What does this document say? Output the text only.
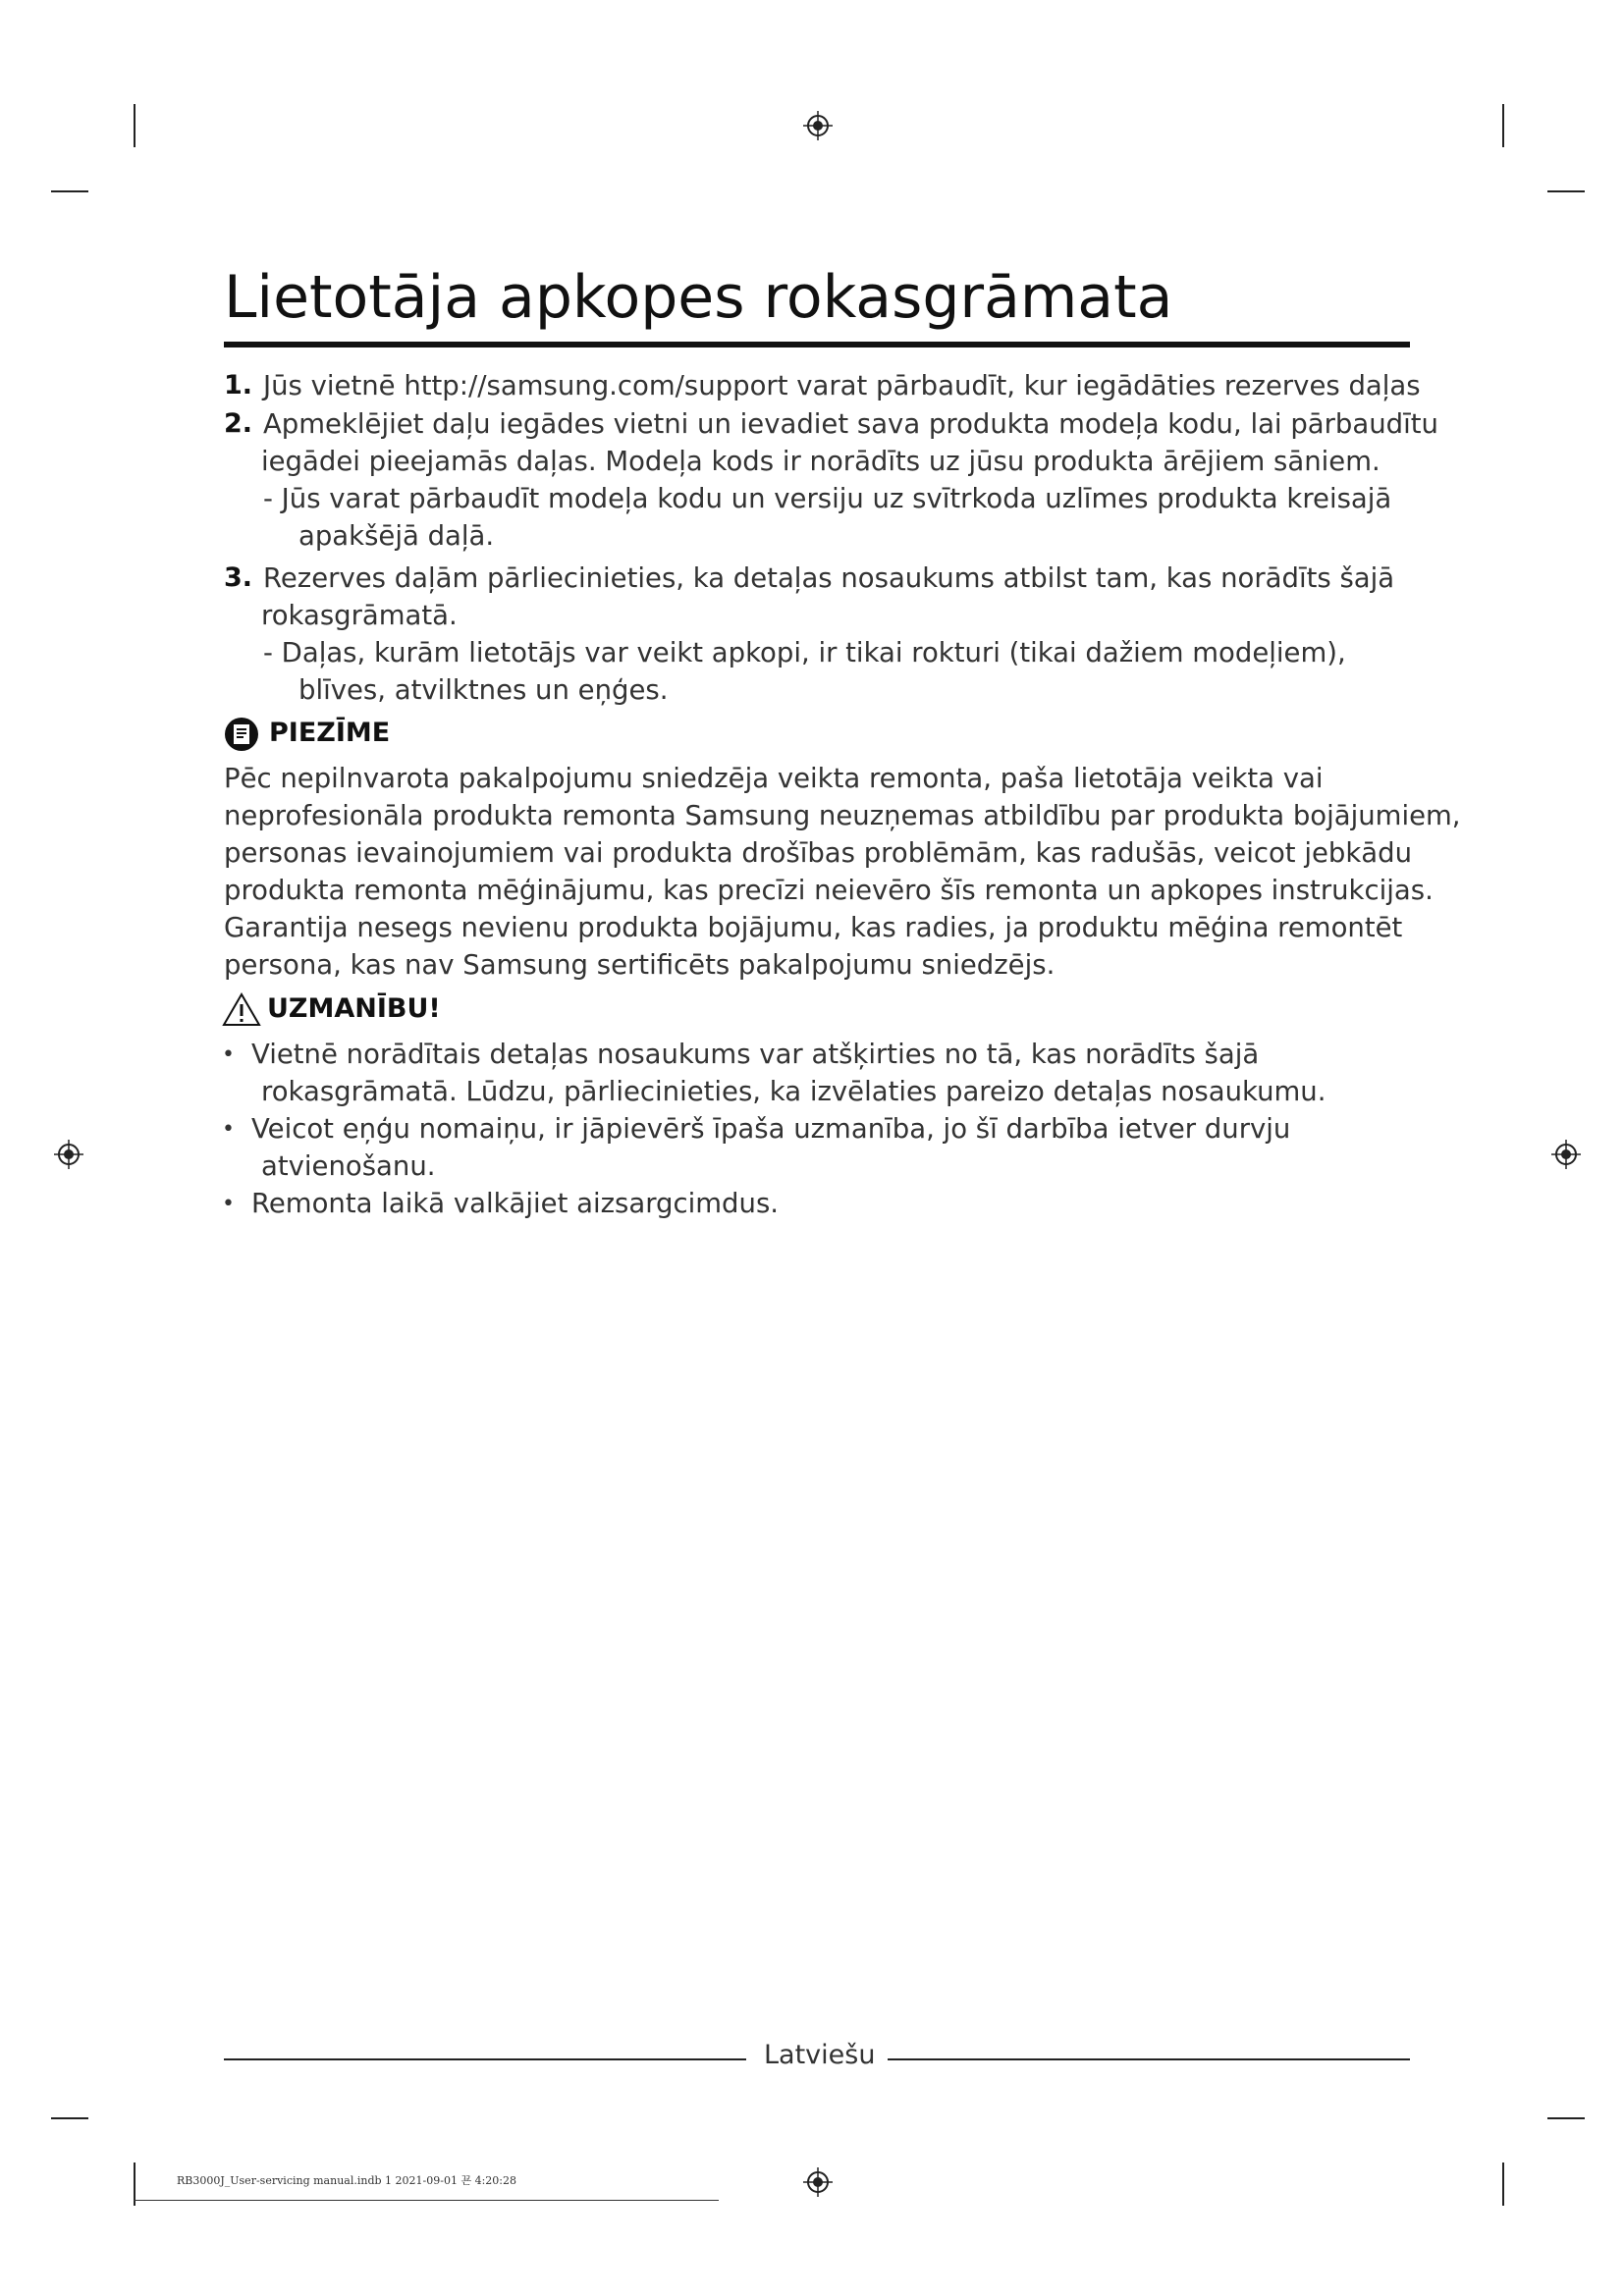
Lietotāja apkopes rokasgrāmata
1. Jūs vietnē http://samsung.com/support varat pārbaudīt, kur iegādāties rezerves daļas
2. Apmeklējiet daļu iegādes vietni un ievadiet sava produkta modeļa kodu, lai pārbaudītu
iegādei pieejamās daļas. Modeļa kods ir norādīts uz jūsu produkta ārējiem sāniem.
- Jūs varat pārbaudīt modeļa kodu un versiju uz svītrkoda uzlīmes produkta kreisajā
apakšējā daļā.
3. Rezerves daļām pārliecinieties, ka detaļas nosaukums atbilst tam, kas norādīts šajā
rokasgrāmatā.
- Daļas, kurām lietotājs var veikt apkopi, ir tikai rokturi (tikai dažiem modeļiem),
blīves, atvilktnes un eņģes.
PIEZĪME
Pēc nepilnvarota pakalpojumu sniedzēja veikta remonta, paša lietotāja veikta vai
neprofesionāla produkta remonta Samsung neuzņemas atbildību par produkta bojājumiem,
personas ievainojumiem vai produkta drošības problēmām, kas radušās, veicot jebkādu
produkta remonta mēģinājumu, kas precīzi neievēro šīs remonta un apkopes instrukcijas.
Garantija nesegs nevienu produkta bojājumu, kas radies, ja produktu mēģina remontēt
persona, kas nav Samsung sertificēts pakalpojumu sniedzējs.
UZMANĪBU!
• Vietnē norādītais detaļas nosaukums var atšķirties no tā, kas norādīts šajā
rokasgrāmatā. Lūdzu, pārliecinieties, ka izvēlaties pareizo detaļas nosaukumu.
• Veicot eņģu nomaiņu, ir jāpievērš īpaša uzmanība, jo šī darbība ietver durvju
atvienošanu.
• Remonta laikā valkājiet aizsargcimdus.
Latviešu
RB3000J_User-servicing manual.indb 1 2021-09-01 꾠 4:20:28
